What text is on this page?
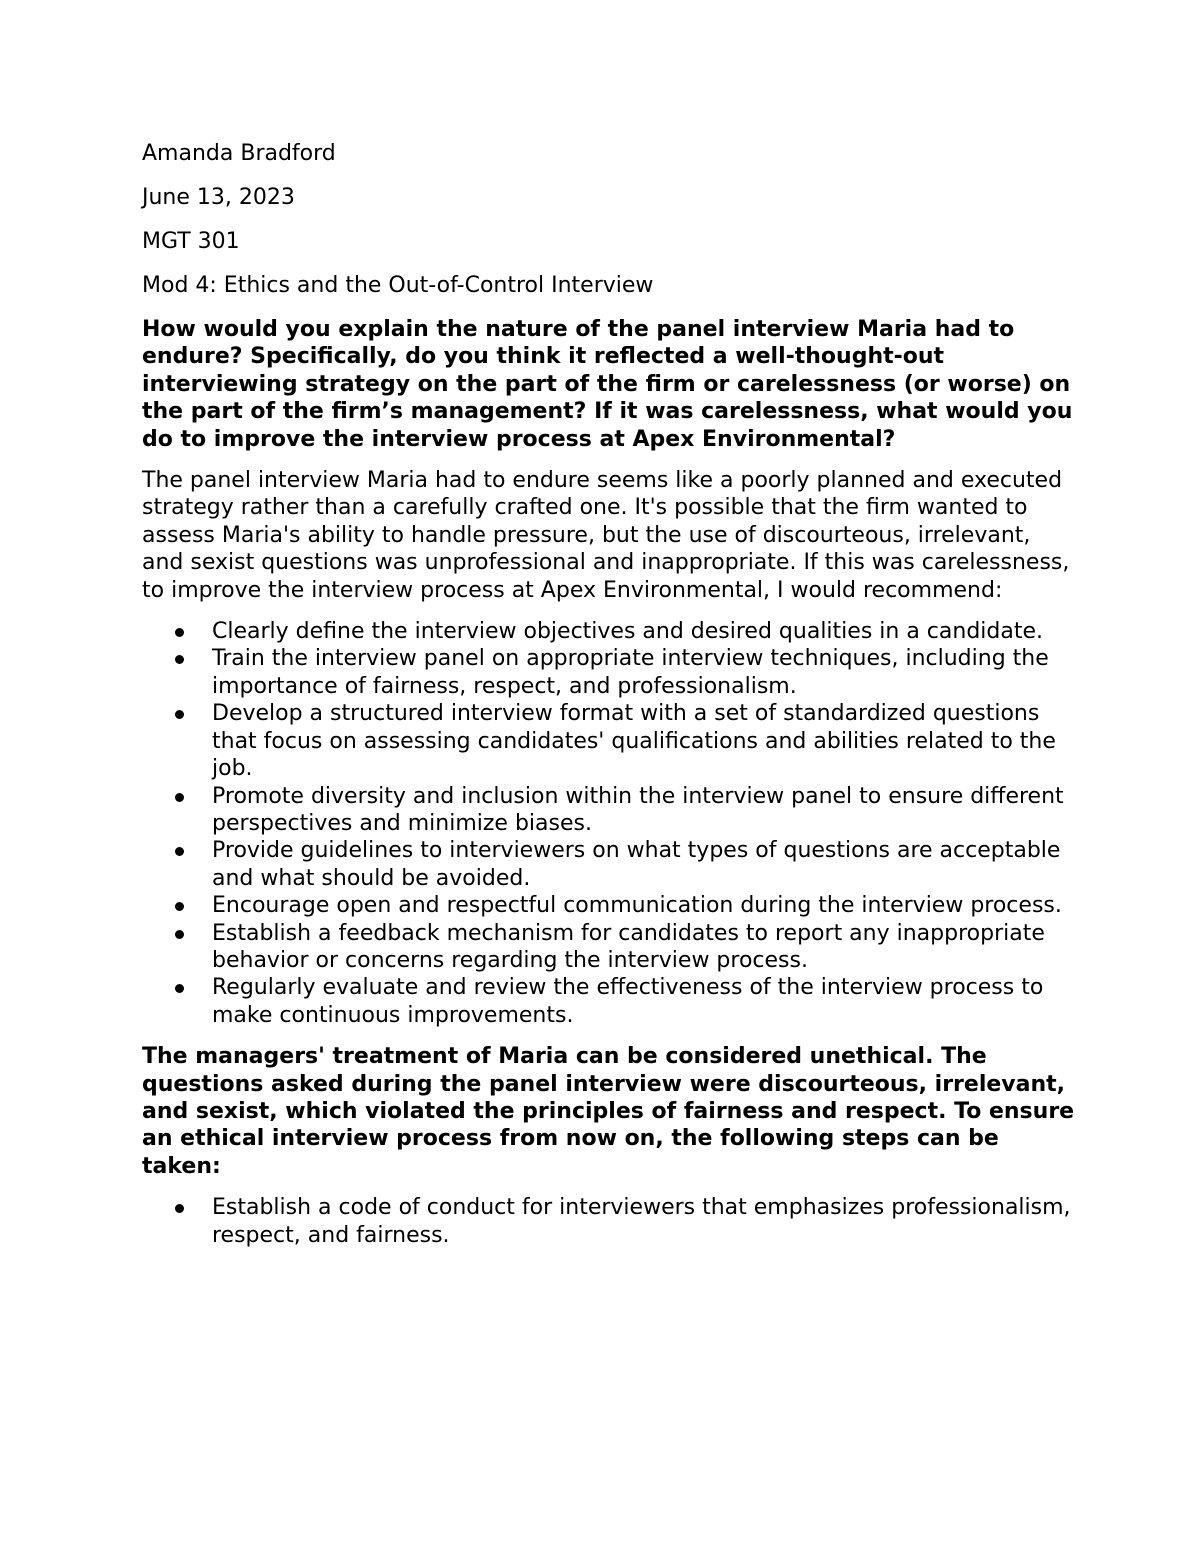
Amanda Bradford

June 13, 2023

MGT 301

Mod 4: Ethics and the Out-of-Control Interview

How would you explain the nature of the panel interview Maria had to endure? Specifically, do you think it reflected a well-thought-out interviewing strategy on the part of the firm or carelessness (or worse) on the part of the firm’s management? If it was carelessness, what would you do to improve the interview process at Apex Environmental?

The panel interview Maria had to endure seems like a poorly planned and executed strategy rather than a carefully crafted one. It's possible that the firm wanted to assess Maria's ability to handle pressure, but the use of discourteous, irrelevant, and sexist questions was unprofessional and inappropriate. If this was carelessness, to improve the interview process at Apex Environmental, I would recommend:

Clearly define the interview objectives and desired qualities in a candidate.
Train the interview panel on appropriate interview techniques, including the importance of fairness, respect, and professionalism.
Develop a structured interview format with a set of standardized questions that focus on assessing candidates' qualifications and abilities related to the job.
Promote diversity and inclusion within the interview panel to ensure different perspectives and minimize biases.
Provide guidelines to interviewers on what types of questions are acceptable and what should be avoided.
Encourage open and respectful communication during the interview process.
Establish a feedback mechanism for candidates to report any inappropriate behavior or concerns regarding the interview process.
Regularly evaluate and review the effectiveness of the interview process to make continuous improvements.

The managers' treatment of Maria can be considered unethical. The questions asked during the panel interview were discourteous, irrelevant, and sexist, which violated the principles of fairness and respect. To ensure an ethical interview process from now on, the following steps can be taken:

Establish a code of conduct for interviewers that emphasizes professionalism, respect, and fairness.
